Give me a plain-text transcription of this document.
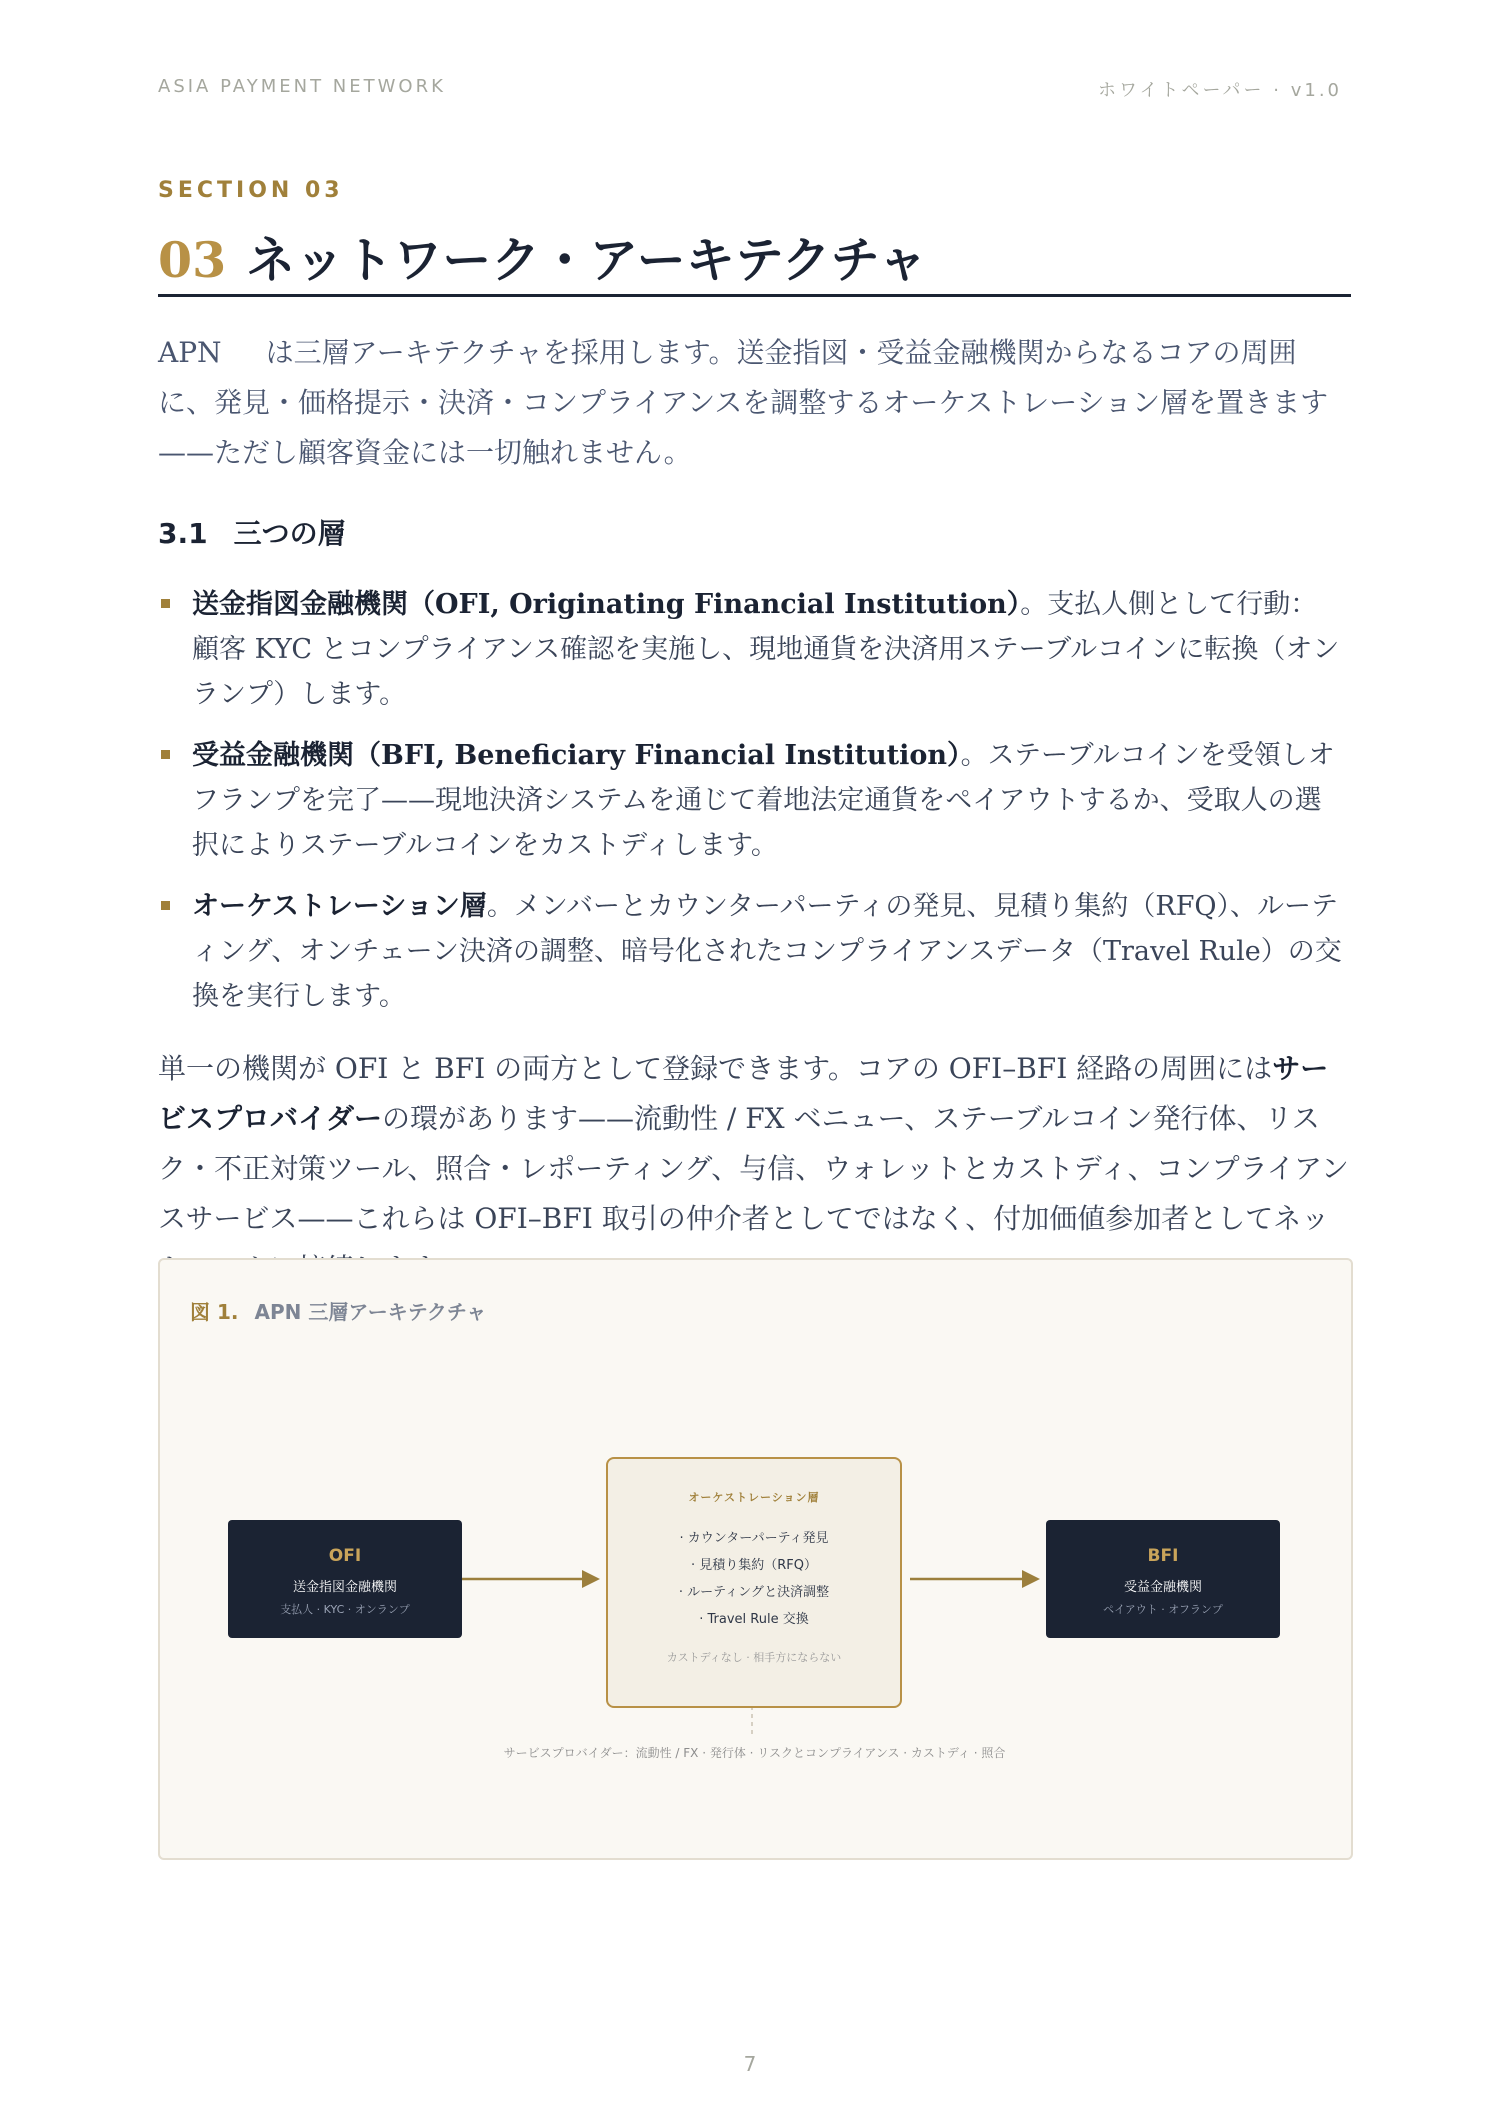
ASIA PAYMENT NETWORK	ホワイトペーパー · v1.0
SECTION 03
03 ネットワーク・アーキテクチャ
APN は三層アーキテクチャを採用します。送金指図・受益金融機関からなるコアの周囲に、発見・価格提示・決済・コンプライアンスを調整するオーケストレーション層を置きます——ただし顧客資金には一切触れません。
3.1 三つの層
送金指図金融機関（OFI, Originating Financial Institution）。支払人側として行動：顧客 KYC とコンプライアンス確認を実施し、現地通貨を決済用ステーブルコインに転換（オンランプ）します。
受益金融機関（BFI, Beneficiary Financial Institution）。ステーブルコインを受領しオフランプを完了——現地決済システムを通じて着地法定通貨をペイアウトするか、受取人の選択によりステーブルコインをカストディします。
オーケストレーション層。メンバーとカウンターパーティの発見、見積り集約（RFQ）、ルーティング、オンチェーン決済の調整、暗号化されたコンプライアンスデータ（Travel Rule）の交換を実行します。
単一の機関が OFI と BFI の両方として登録できます。コアの OFI–BFI 経路の周囲にはサービスプロバイダーの環があります——流動性 / FX ベニュー、ステーブルコイン発行体、リスク・不正対策ツール、照合・レポーティング、与信、ウォレットとカストディ、コンプライアンスサービス——これらは OFI–BFI 取引の仲介者としてではなく、付加価値参加者としてネッ
図 1. APN 三層アーキテクチャ
OFI
送金指図金融機関
支払人 · KYC · オンランプ
オーケストレーション層
· カウンターパーティ発見
· 見積り集約（RFQ）
· ルーティングと決済調整
· Travel Rule 交換
カストディなし · 相手方にならない
BFI
受益金融機関
ペイアウト · オフランプ
サービスプロバイダー：流動性 / FX · 発行体 · リスクとコンプライアンス · カストディ · 照合
7
